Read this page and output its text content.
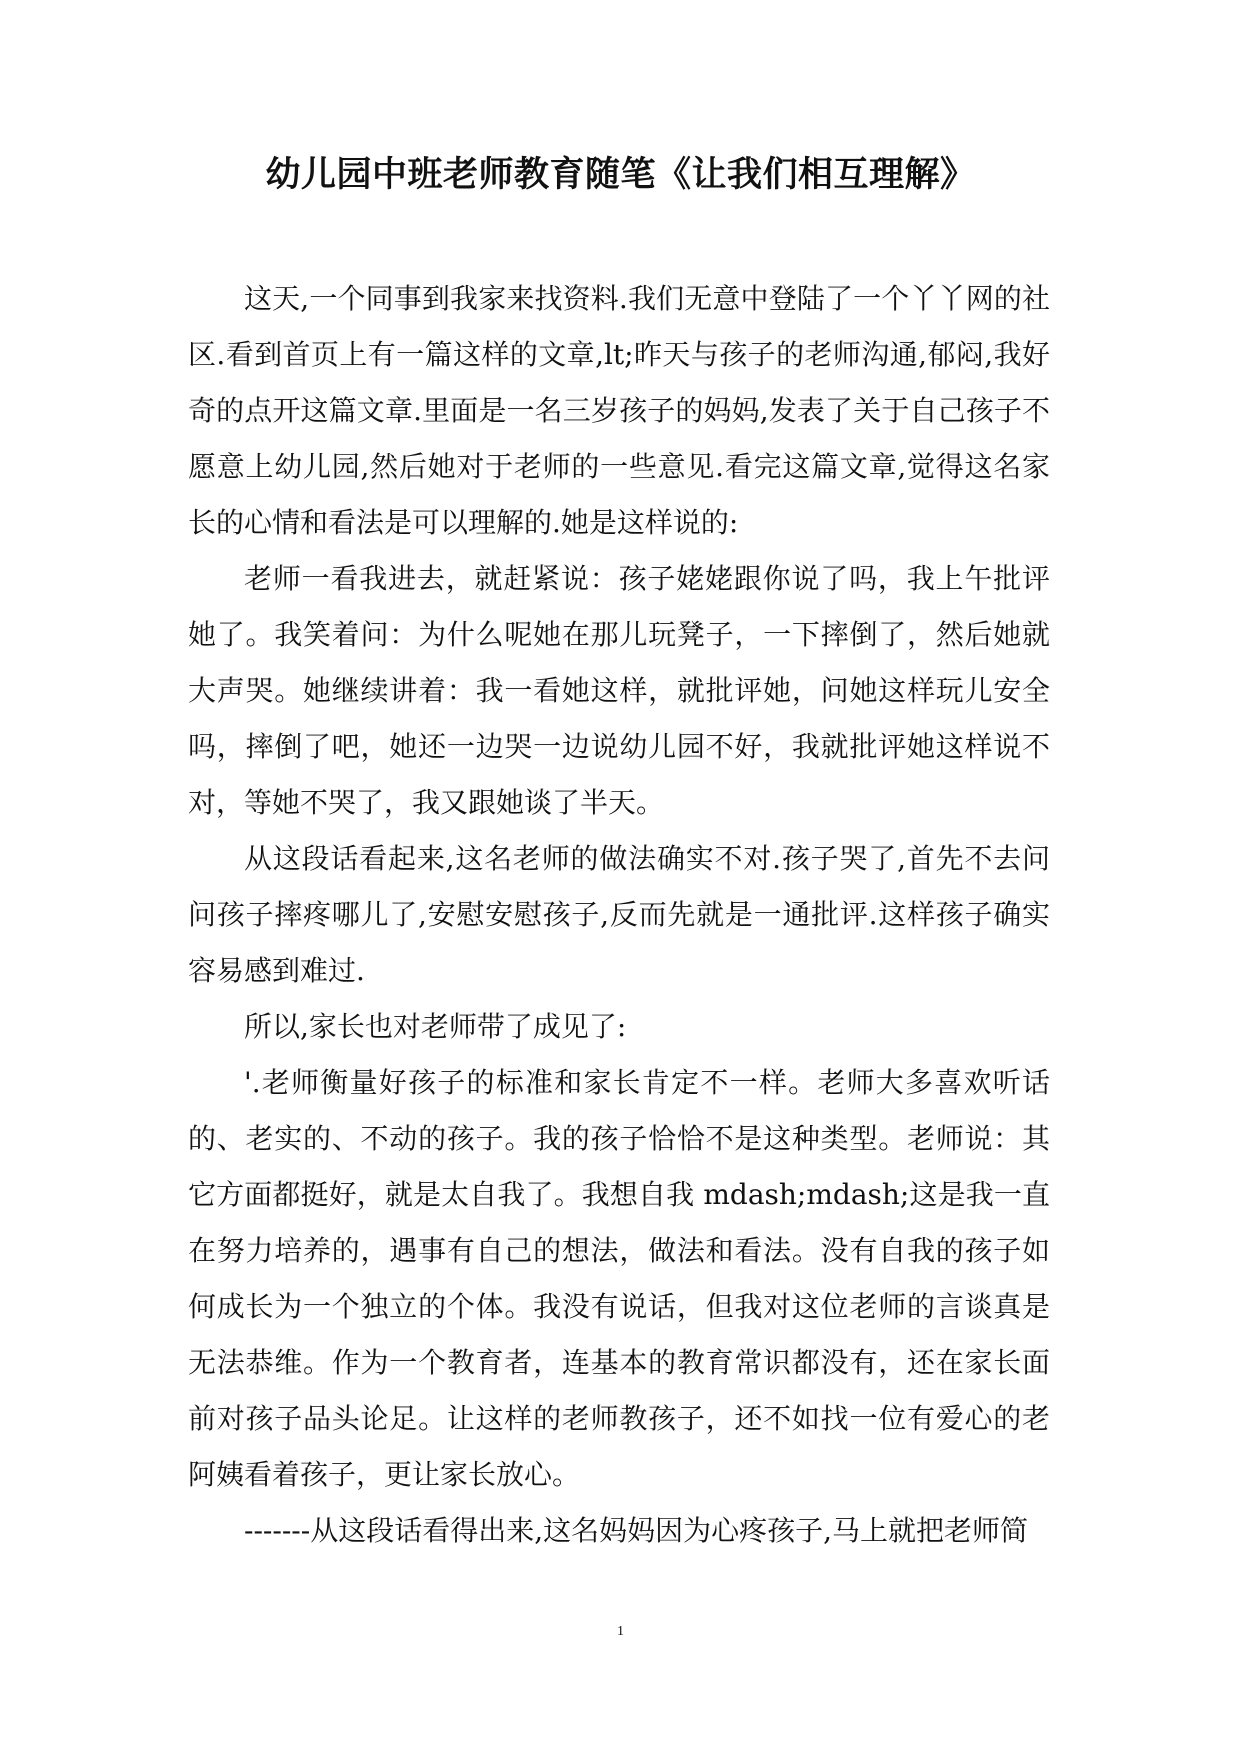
幼儿园中班老师教育随笔《让我们相互理解》

这天,一个同事到我家来找资料.我们无意中登陆了一个丫丫网的社区.看到首页上有一篇这样的文章,lt;昨天与孩子的老师沟通,郁闷,我好奇的点开这篇文章.里面是一名三岁孩子的妈妈,发表了关于自己孩子不愿意上幼儿园,然后她对于老师的一些意见.看完这篇文章,觉得这名家长的心情和看法是可以理解的.她是这样说的:

老师一看我进去，就赶紧说：孩子姥姥跟你说了吗，我上午批评她了。我笑着问：为什么呢她在那儿玩凳子，一下摔倒了，然后她就大声哭。她继续讲着：我一看她这样，就批评她，问她这样玩儿安全吗，摔倒了吧，她还一边哭一边说幼儿园不好，我就批评她这样说不对，等她不哭了，我又跟她谈了半天。

从这段话看起来,这名老师的做法确实不对.孩子哭了,首先不去问问孩子摔疼哪儿了,安慰安慰孩子,反而先就是一通批评.这样孩子确实容易感到难过.

所以,家长也对老师带了成见了:

'.老师衡量好孩子的标准和家长肯定不一样。老师大多喜欢听话的、老实的、不动的孩子。我的孩子恰恰不是这种类型。老师说：其它方面都挺好，就是太自我了。我想自我 mdash;mdash;这是我一直在努力培养的，遇事有自己的想法，做法和看法。没有自我的孩子如何成长为一个独立的个体。我没有说话，但我对这位老师的言谈真是无法恭维。作为一个教育者，连基本的教育常识都没有，还在家长面前对孩子品头论足。让这样的老师教孩子，还不如找一位有爱心的老阿姨看着孩子，更让家长放心。

-------从这段话看得出来,这名妈妈因为心疼孩子,马上就把老师简

1
